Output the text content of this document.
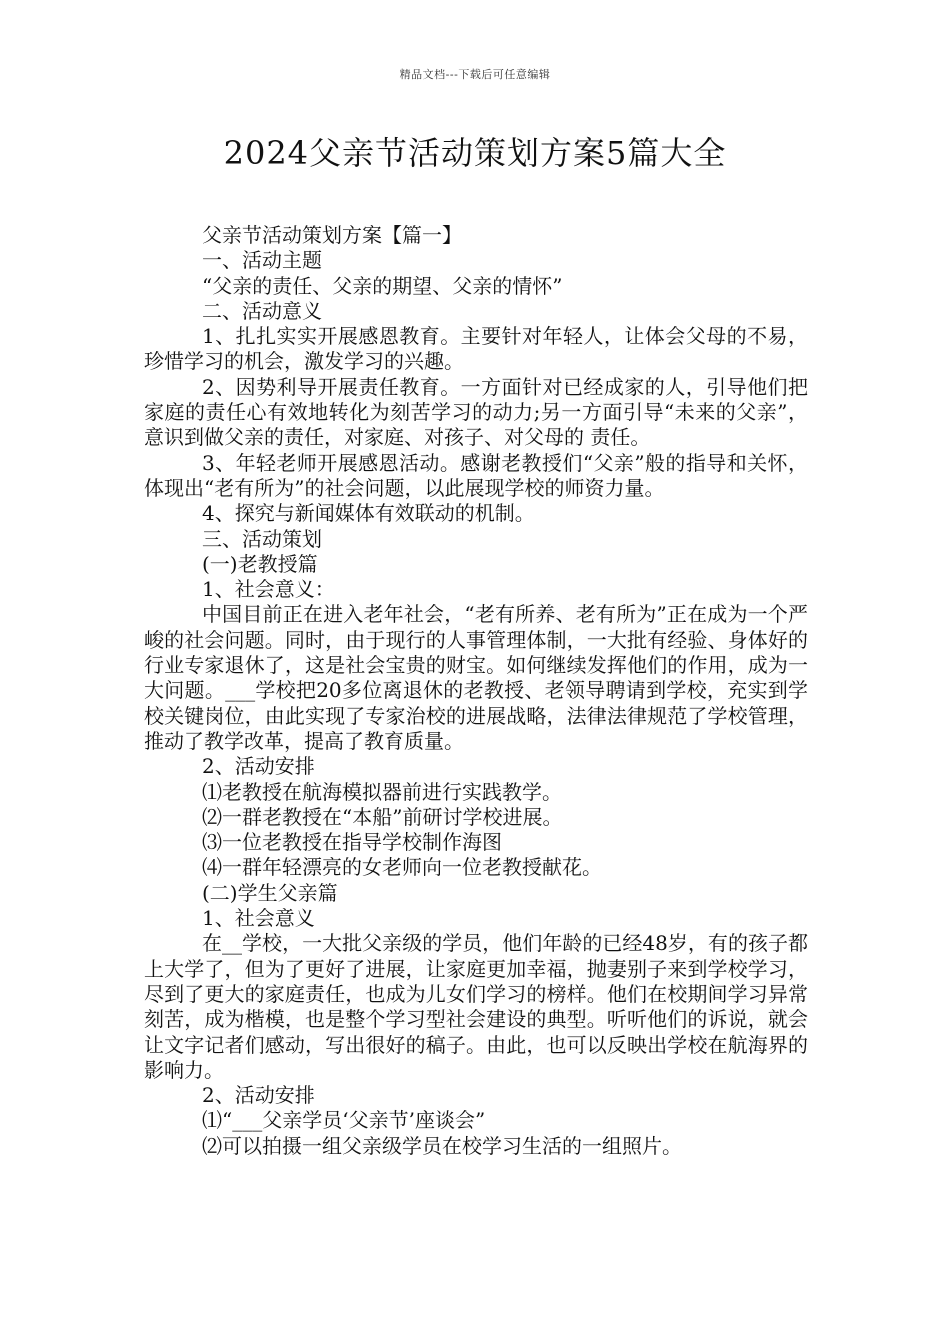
精品文档---下载后可任意编辑
2024父亲节活动策划方案5篇大全

父亲节活动策划方案【篇一】

一、活动主题

“父亲的责任、父亲的期望、父亲的情怀”

二、活动意义

1、扎扎实实开展感恩教育。主要针对年轻人，让体会父母的不易，珍惜学习的机会，激发学习的兴趣。

2、因势利导开展责任教育。一方面针对已经成家的人，引导他们把家庭的责任心有效地转化为刻苦学习的动力;另一方面引导“未来的父亲”，意识到做父亲的责任，对家庭、对孩子、对父母的 责任。

3、年轻老师开展感恩活动。感谢老教授们“父亲”般的指导和关怀，体现出“老有所为”的社会问题，以此展现学校的师资力量。

4、探究与新闻媒体有效联动的机制。

三、活动策划

(一)老教授篇

1、社会意义：

中国目前正在进入老年社会，“老有所养、老有所为”正在成为一个严峻的社会问题。同时，由于现行的人事管理体制，一大批有经验、身体好的行业专家退休了，这是社会宝贵的财宝。如何继续发挥他们的作用，成为一大问题。___学校把20多位离退休的老教授、老领导聘请到学校，充实到学校关键岗位，由此实现了专家治校的进展战略，法律法律规范了学校管理，推动了教学改革，提高了教育质量。

2、活动安排

⑴老教授在航海模拟器前进行实践教学。

⑵一群老教授在“本船”前研讨学校进展。

⑶一位老教授在指导学校制作海图

⑷一群年轻漂亮的女老师向一位老教授献花。

(二)学生父亲篇

1、社会意义

在__学校，一大批父亲级的学员，他们年龄的已经48岁，有的孩子都上大学了，但为了更好了进展，让家庭更加幸福，抛妻别子来到学校学习，尽到了更大的家庭责任，也成为儿女们学习的榜样。他们在校期间学习异常刻苦，成为楷模，也是整个学习型社会建设的典型。听听他们的诉说，就会让文字记者们感动，写出很好的稿子。由此，也可以反映出学校在航海界的影响力。

2、活动安排

⑴“___父亲学员‘父亲节’座谈会”

⑵可以拍摄一组父亲级学员在校学习生活的一组照片。
